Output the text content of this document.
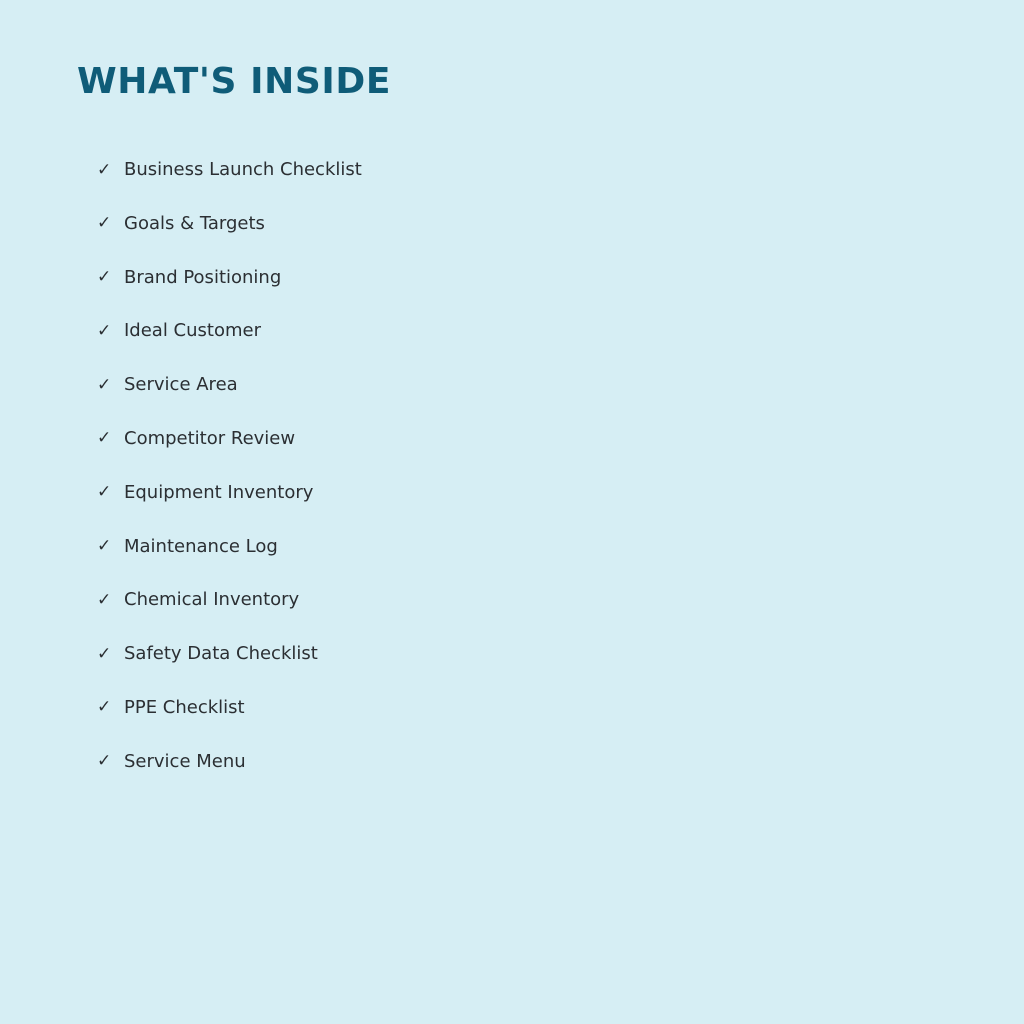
WHAT'S INSIDE
✓ Business Launch Checklist
✓ Goals & Targets
✓ Brand Positioning
✓ Ideal Customer
✓ Service Area
✓ Competitor Review
✓ Equipment Inventory
✓ Maintenance Log
✓ Chemical Inventory
✓ Safety Data Checklist
✓ PPE Checklist
✓ Service Menu
